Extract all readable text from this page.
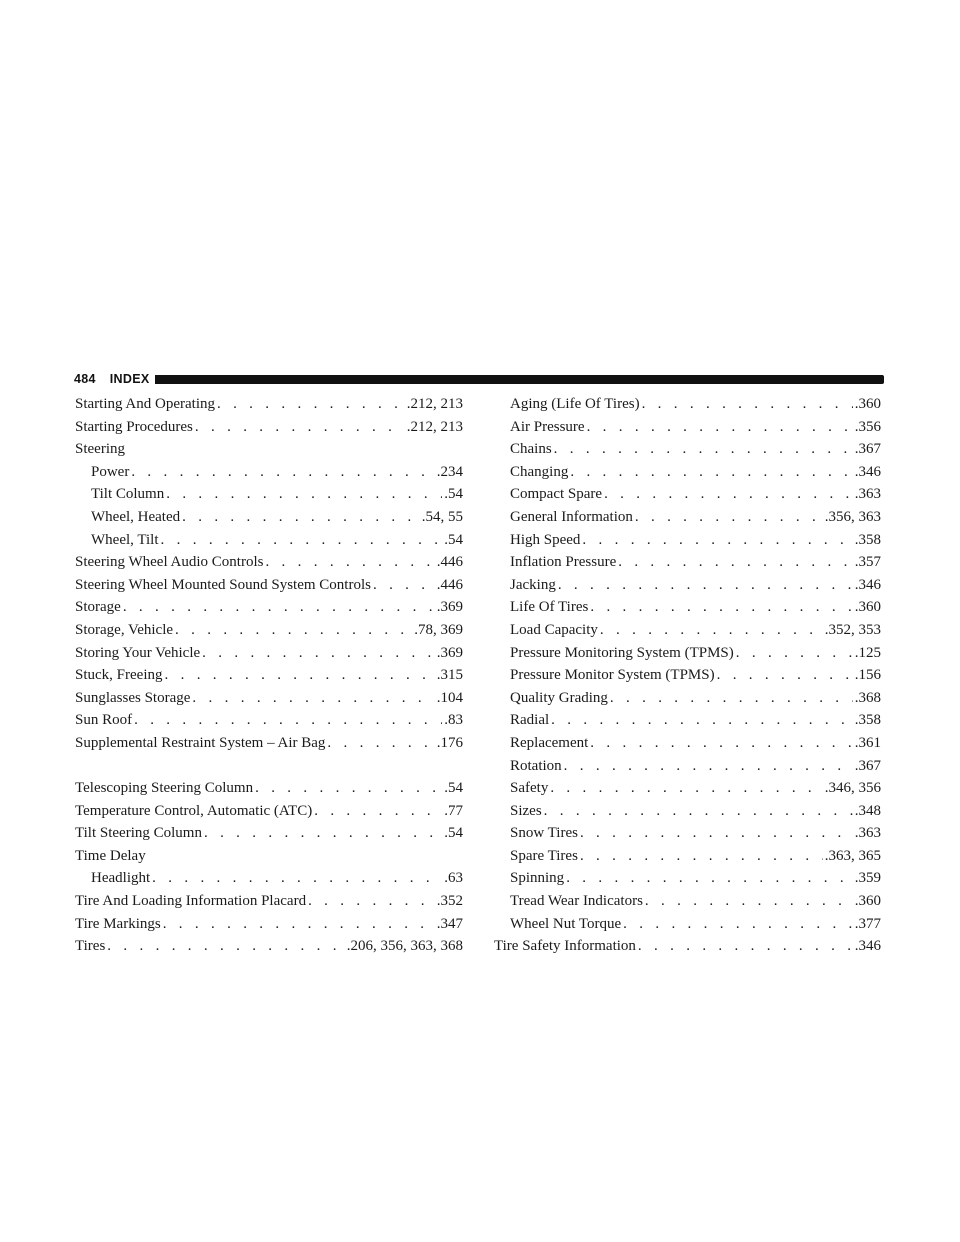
484	INDEX
Starting And Operating . . .	.212, 213
Starting Procedures . . .	.212, 213
Steering
Power . . .	.234
Tilt Column . . .	.54
Wheel, Heated . . .	.54, 55
Wheel, Tilt . . .	.54
Steering Wheel Audio Controls . . .	.446
Steering Wheel Mounted Sound System Controls . . .	.446
Storage . . .	.369
Storage, Vehicle . . .	.78, 369
Storing Your Vehicle . . .	.369
Stuck, Freeing . . .	.315
Sunglasses Storage . . .	.104
Sun Roof . . .	.83
Supplemental Restraint System – Air Bag . . .	.176
Telescoping Steering Column . . .	.54
Temperature Control, Automatic (ATC) . . .	.77
Tilt Steering Column . . .	.54
Time Delay
Headlight . . .	.63
Tire And Loading Information Placard . . .	.352
Tire Markings . . .	.347
Tires . . .	.206, 356, 363, 368
Aging (Life Of Tires) . . .	.360
Air Pressure . . .	.356
Chains . . .	.367
Changing . . .	.346
Compact Spare . . .	.363
General Information . . .	.356, 363
High Speed . . .	.358
Inflation Pressure . . .	.357
Jacking . . .	.346
Life Of Tires . . .	.360
Load Capacity . . .	.352, 353
Pressure Monitoring System (TPMS) . . .	.125
Pressure Monitor System (TPMS) . . .	.156
Quality Grading . . .	.368
Radial . . .	.358
Replacement . . .	.361
Rotation . . .	.367
Safety . . .	.346, 356
Sizes . . .	.348
Snow Tires . . .	.363
Spare Tires . . .	.363, 365
Spinning . . .	.359
Tread Wear Indicators . . .	.360
Wheel Nut Torque . . .	.377
Tire Safety Information . . .	.346
